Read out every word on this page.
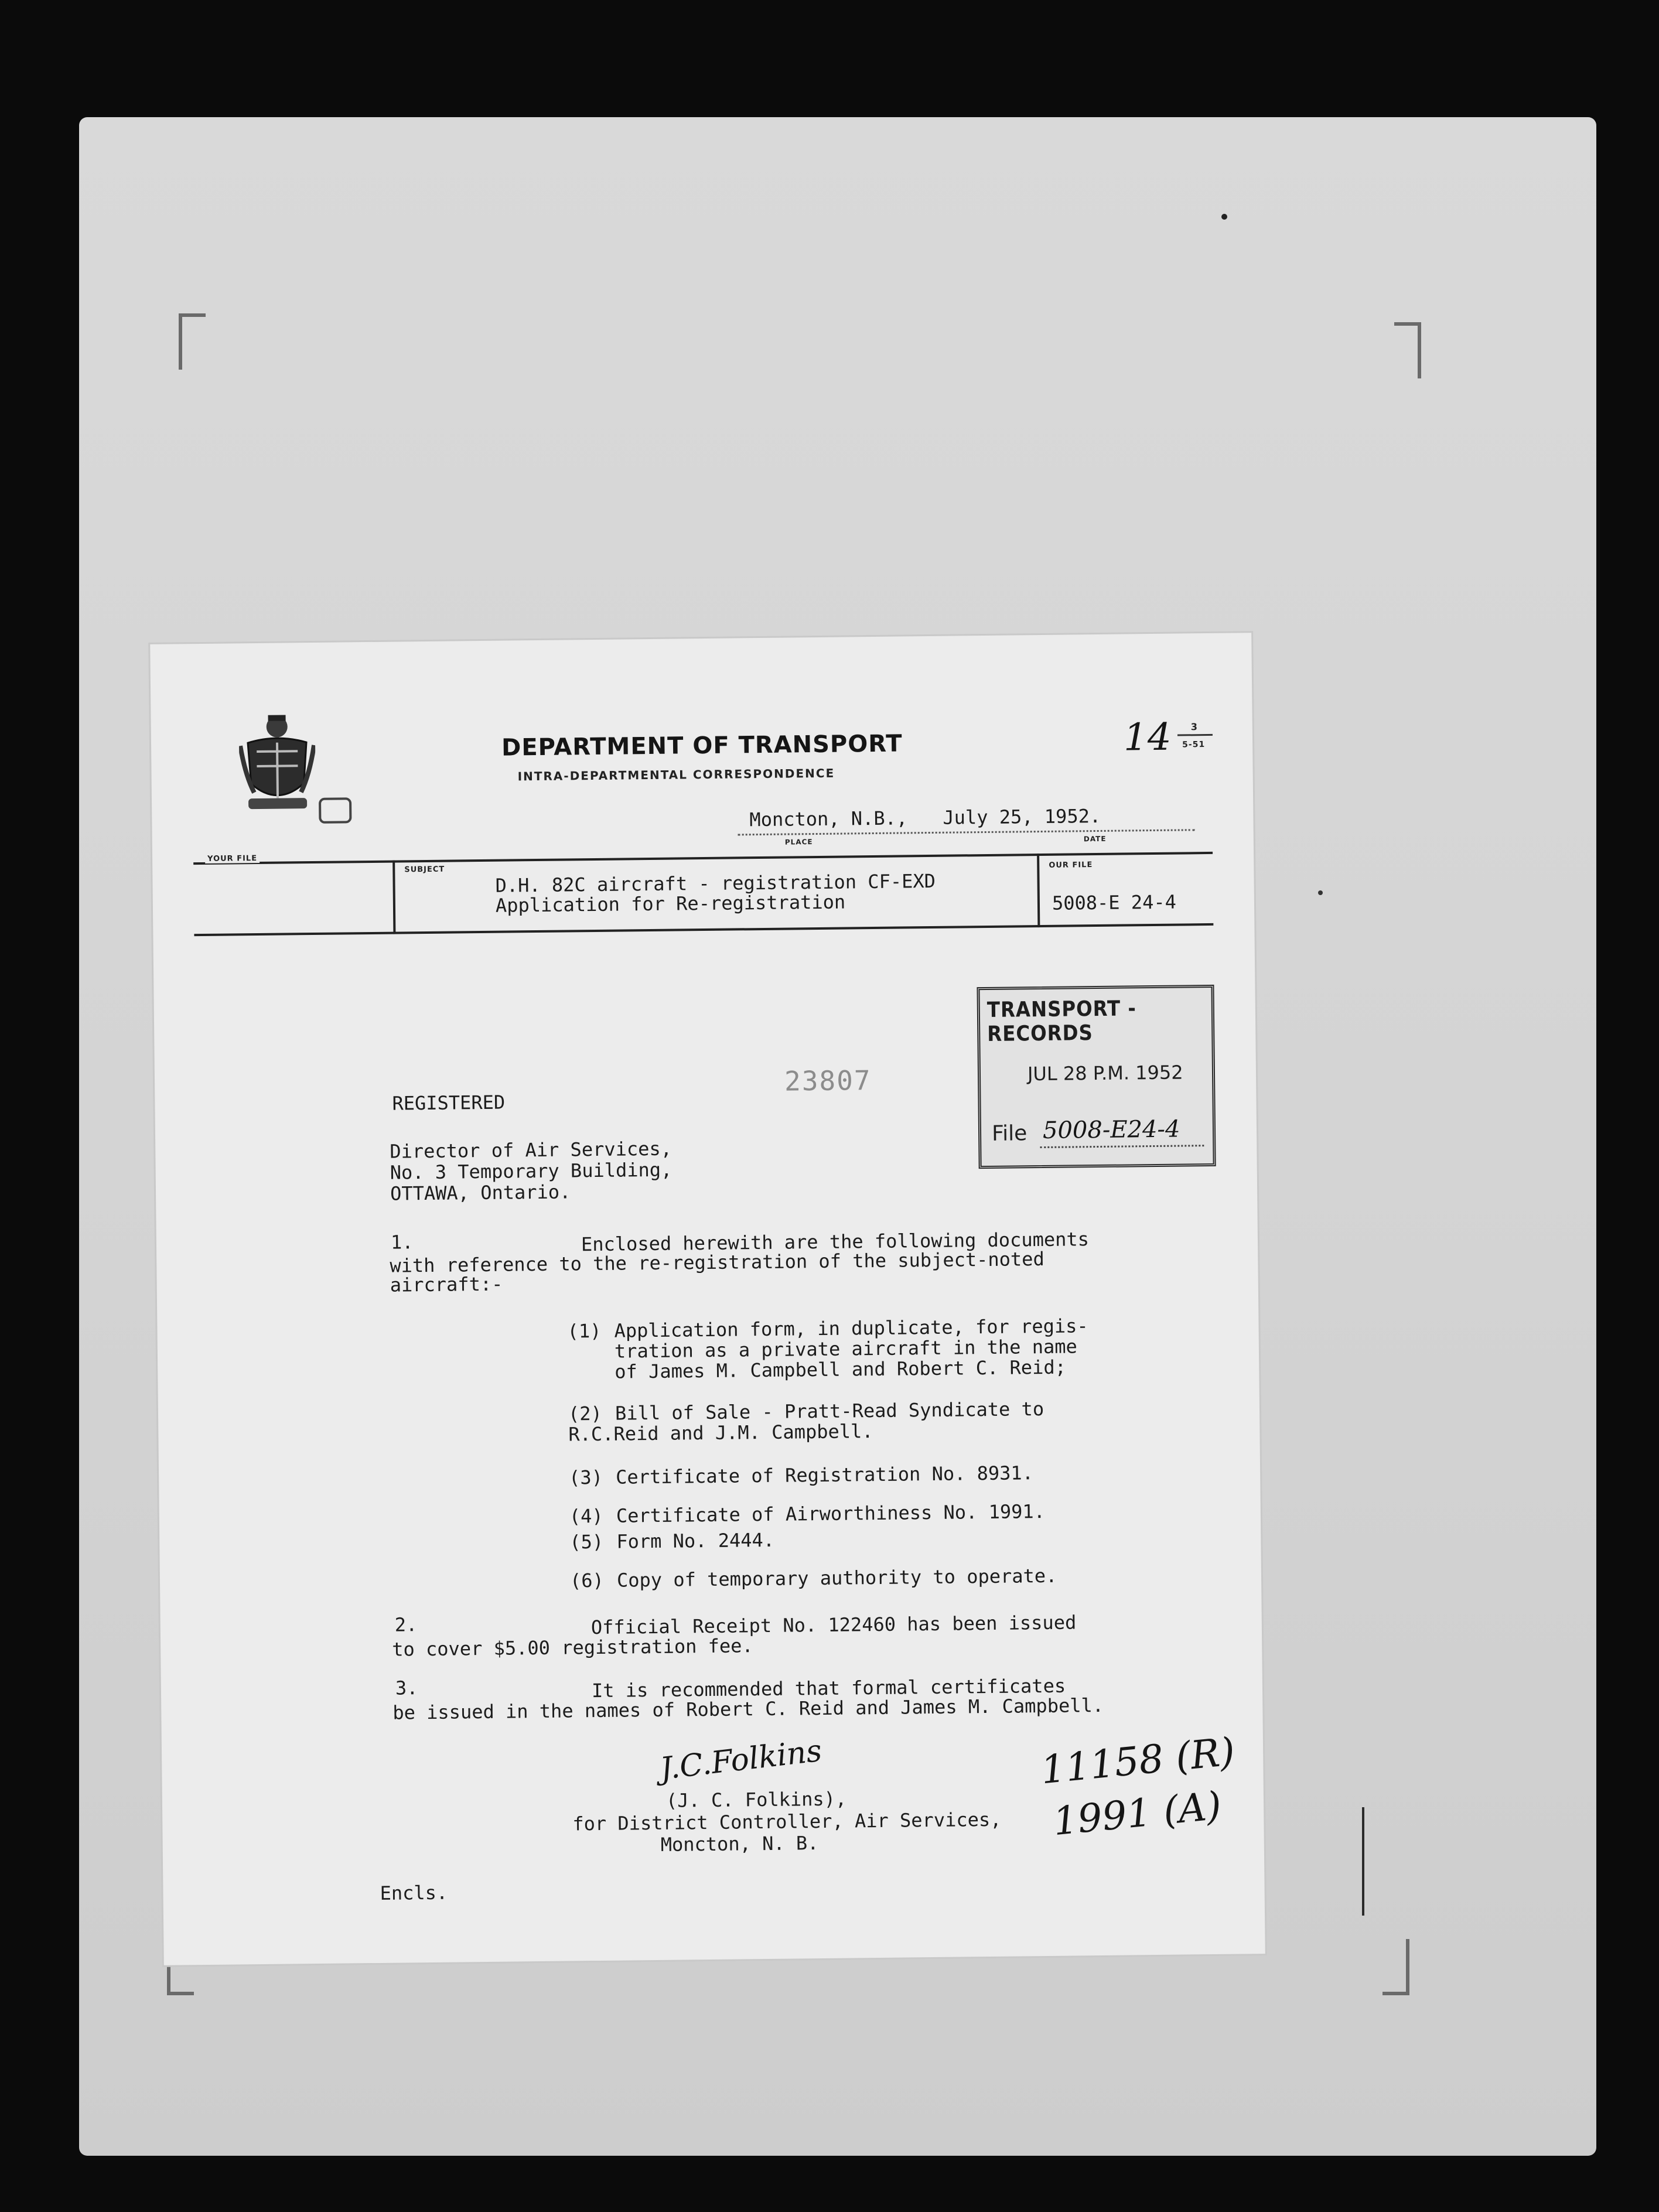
DEPARTMENT OF TRANSPORT
INTRA-DEPARTMENTAL CORRESPONDENCE
14 3
5-51
Moncton, N.B., July 25, 1952.
PLACE	DATE
YOUR FILE
SUBJECT
D.H. 82C aircraft - registration CF-EXD
Application for Re-registration
OUR FILE
5008-E 24-4
TRANSPORT - RECORDS
JUL 28 P.M. 1952
File 5008-E24-4
23807
REGISTERED
Director of Air Services,
No. 3 Temporary Building,
OTTAWA, Ontario.
1.	Enclosed herewith are the following documents
with reference to the re-registration of the subject-noted
aircraft:-
(1) Application form, in duplicate, for regis-
tration as a private aircraft in the name
of James M. Campbell and Robert C. Reid;
(2) Bill of Sale - Pratt-Read Syndicate to
R.C.Reid and J.M. Campbell.
(3) Certificate of Registration No. 8931.
(4) Certificate of Airworthiness No. 1991.
(5) Form No. 2444.
(6) Copy of temporary authority to operate.
2.	Official Receipt No. 122460 has been issued
to cover $5.00 registration fee.
3.	It is recommended that formal certificates
be issued in the names of Robert C. Reid and James M. Campbell.
J.C.Folkins
(J. C. Folkins),
for District Controller, Air Services,
Moncton, N. B.
Encls.
11158 (R)
1991 (A)
